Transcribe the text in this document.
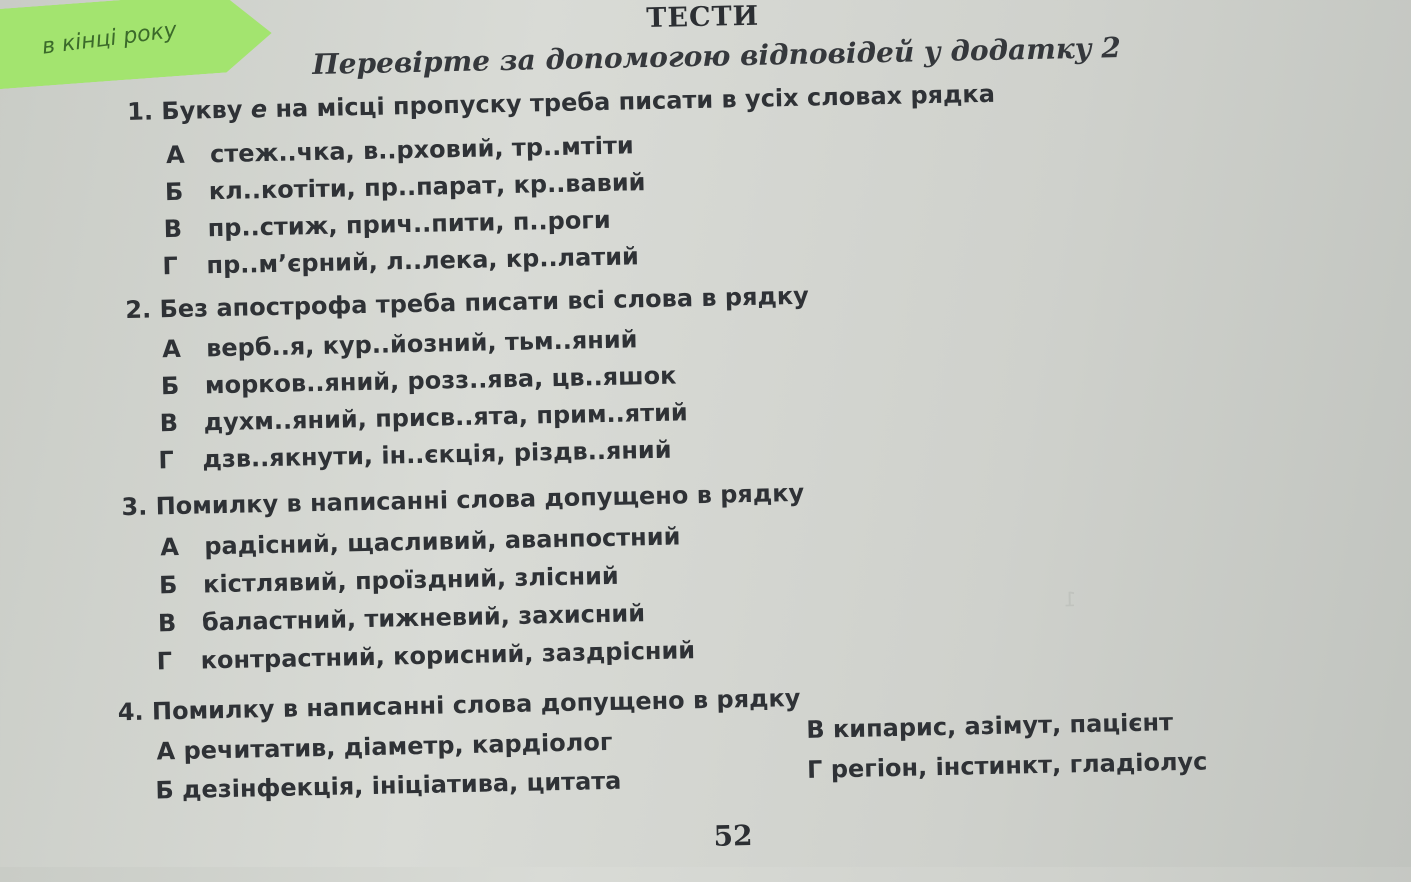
в кінці року
1
ТЕСТИ
Перевірте за допомогою відповідей у додатку 2
1. Букву е на місці пропуску треба писати в усіх словах рядка
А стеж..чка, в..рховий, тр..мтіти
Б кл..котіти, пр..парат, кр..вавий
В пр..стиж, прич..пити, п..роги
Г пр..м’єрний, л..лека, кр..латий
2. Без апострофа треба писати всі слова в рядку
А верб..я, кур..йозний, тьм..яний
Б морков..яний, розз..ява, цв..яшок
В духм..яний, присв..ята, прим..ятий
Г дзв..якнути, ін..єкція, різдв..яний
3. Помилку в написанні слова допущено в рядку
А радісний, щасливий, аванпостний
Б кістлявий, проїздний, злісний
В баластний, тижневий, захисний
Г контрастний, корисний, заздрісний
4. Помилку в написанні слова допущено в рядку
А речитатив, діаметр, кардіолог
Б дезінфекція, ініціатива, цитата
В кипарис, азімут, пацієнт
Г регіон, інстинкт, гладіолус
52
